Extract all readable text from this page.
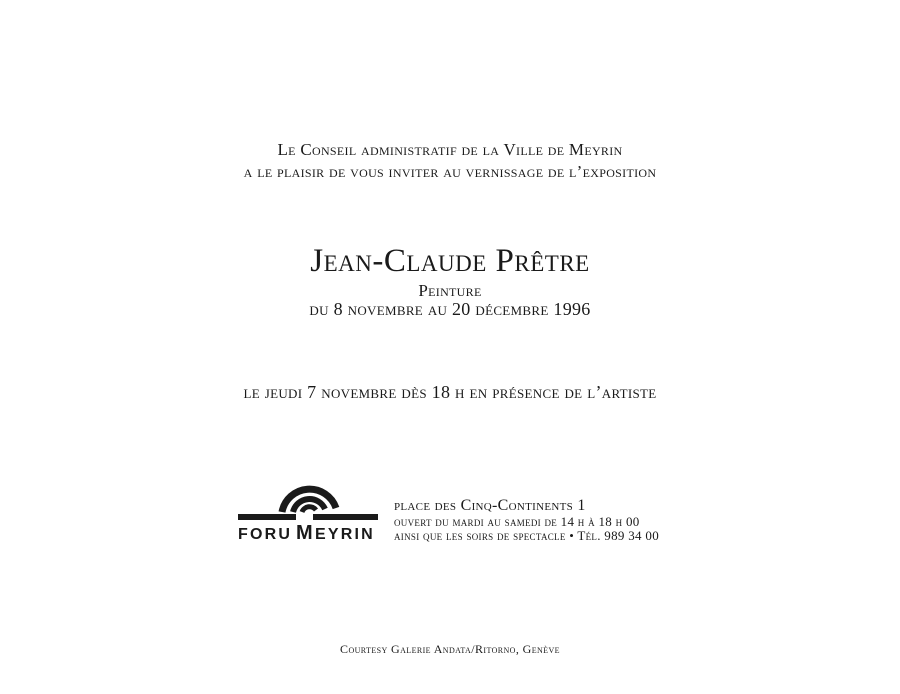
Le Conseil administratif de la Ville de Meyrin
a le plaisir de vous inviter au vernissage de l’exposition
Jean-Claude Prêtre
Peinture
du 8 novembre au 20 décembre 1996
le jeudi 7 novembre dès 18 h en présence de l’artiste
FORU M EYRIN
place des Cinq-Continents 1
ouvert du mardi au samedi de 14 h à 18 h 00
ainsi que les soirs de spectacle • Tél. 989 34 00
Courtesy Galerie Andata/Ritorno, Genève
